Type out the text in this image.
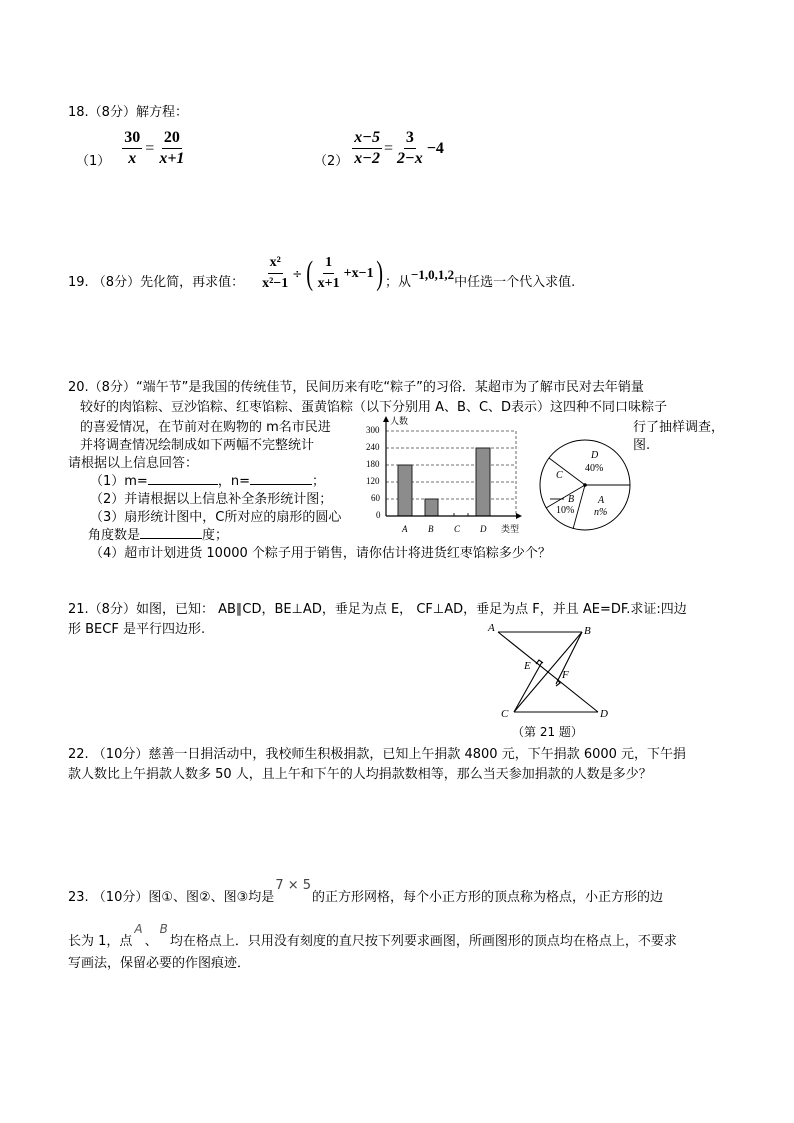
18.（8分）解方程：
$(1) \frac{30}{x} = \frac{20}{x+1}$	$(2) \frac{x-5}{x-2} = \frac{3}{2-x} -4$
19. （8分）先化简，再求值： $\frac{\text{x²}}{\text{x²−1}}$ ÷ ( $\frac{1}{x+1} +x-1$ ) ；从
−1,0,1,2
中任选一个代入求值.
20.（8分）“端午节”是我国的传统佳节，民间历来有吃“粽子”的习俗．某超市为了解市民对去年销量
较好的肉馅粽、豆沙馅粽、红枣馅粽、蛋黄馅粽（以下分别用 A、B、C、D表示）这四种不同口味粽子
的喜爱情况，在节前对在购物的 m名市民进	行了抽样调查，
并将调查情况绘制成如下两幅不完整统计	图.
请根据以上信息回答：
（1）m=	，n=	；
（2）并请根据以上信息补全条形统计图；
（3）扇形统计图中，C所对应的扇形的圆心
角度数是	度；
（4）超市计划进货 10000 个粽子用于销售，请你估计将进货红枣馅粽多少个？
人数
300
240
180
120
60
0
A B C D 类型
D
40%
C
B
10%
A
n%
21.（8分）如图，已知： AB∥CD，BE⊥AD，垂足为点 E， CF⊥AD，垂足为点 F，并且 AE=DF.求证:四边
形 BECF 是平行四边形.	A	B
E
F
C	D
（第 21 题）
22. （10分）慈善一日捐活动中，我校师生积极捐款，已知上午捐款 4800 元，下午捐款 6000 元，下午捐
款人数比上午捐款人数多 50 人，且上午和下午的人均捐款数相等，那么当天参加捐款的人数是多少？
23. （10分）图①、图②、图③均是7 × 5的正方形网格，每个小正方形的顶点称为格点，小正方形的边
长为 1，点A、B均在格点上．只用没有刻度的直尺按下列要求画图，所画图形的顶点均在格点上，不要求
写画法，保留必要的作图痕迹．
